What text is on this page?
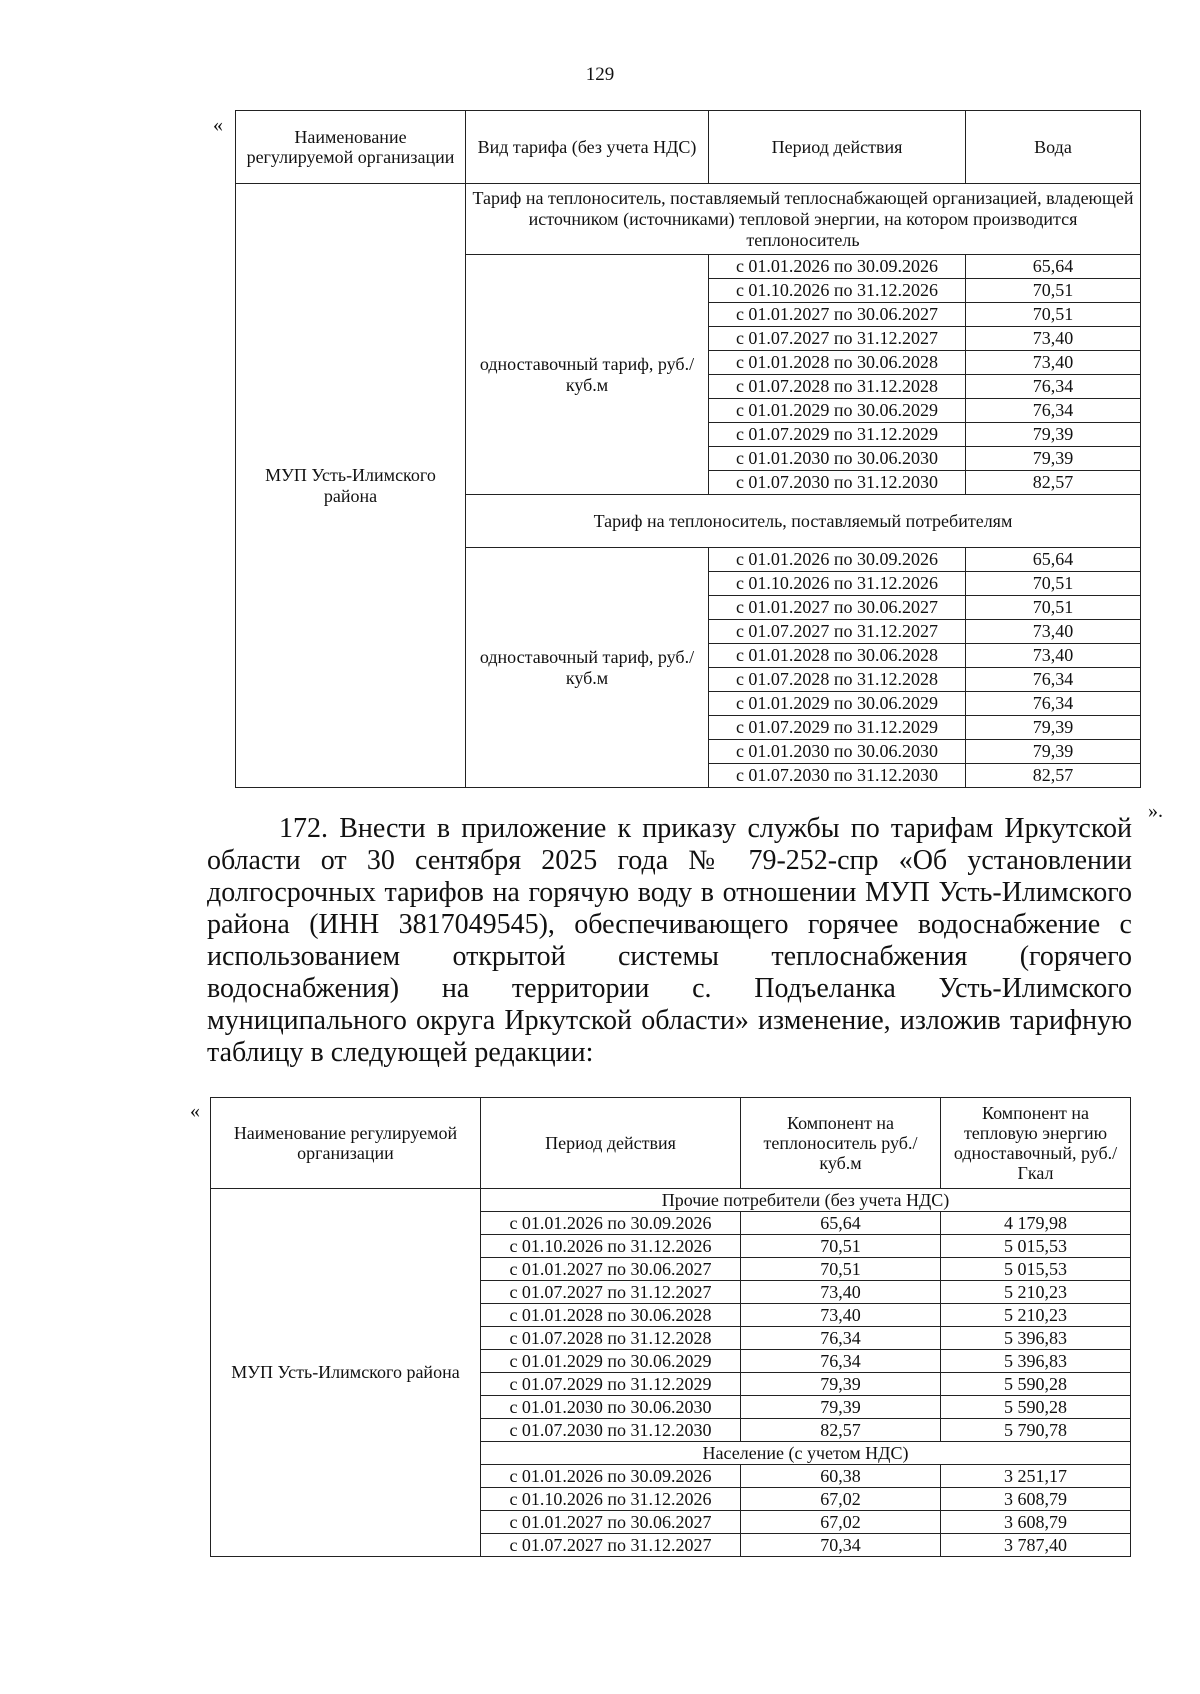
129
«
Наименование регулируемой организации	Вид тарифа (без учета НДС)	Период действия	Вода
МУП Усть-Илимского района	Тариф на теплоноситель, поставляемый теплоснабжающей организацией, владеющей источником (источниками) тепловой энергии, на котором производится теплоноситель		
	одноставочный тариф, руб./куб.м	с 01.01.2026 по 30.09.2026	65,64
		с 01.10.2026 по 31.12.2026	70,51
		с 01.01.2027 по 30.06.2027	70,51
		с 01.07.2027 по 31.12.2027	73,40
		с 01.01.2028 по 30.06.2028	73,40
		с 01.07.2028 по 31.12.2028	76,34
		с 01.01.2029 по 30.06.2029	76,34
		с 01.07.2029 по 31.12.2029	79,39
		с 01.01.2030 по 30.06.2030	79,39
		с 01.07.2030 по 31.12.2030	82,57
	Тариф на теплоноситель, поставляемый потребителям		
	одноставочный тариф, руб./куб.м	с 01.01.2026 по 30.09.2026	65,64
		с 01.10.2026 по 31.12.2026	70,51
		с 01.01.2027 по 30.06.2027	70,51
		с 01.07.2027 по 31.12.2027	73,40
		с 01.01.2028 по 30.06.2028	73,40
		с 01.07.2028 по 31.12.2028	76,34
		с 01.01.2029 по 30.06.2029	76,34
		с 01.07.2029 по 31.12.2029	79,39
		с 01.01.2030 по 30.06.2030	79,39
		с 01.07.2030 по 31.12.2030	82,57
».
172. Внести в приложение к приказу службы по тарифам Иркутской
области от 30 сентября 2025 года № 79-252-спр «Об установлении
долгосрочных тарифов на горячую воду в отношении МУП Усть-Илимского
района (ИНН 3817049545), обеспечивающего горячее водоснабжение с
использованием открытой системы теплоснабжения (горячего
водоснабжения) на территории с. Подъеланка Усть-Илимского
муниципального округа Иркутской области» изменение, изложив тарифную
таблицу в следующей редакции:
«
Наименование регулируемой организации	Период действия	Компонент на теплоноситель руб./куб.м	Компонент на тепловую энергию одноставочный, руб./Гкал
МУП Усть-Илимского района	Прочие потребители (без учета НДС)		
	с 01.01.2026 по 30.09.2026	65,64	4 179,98
	с 01.10.2026 по 31.12.2026	70,51	5 015,53
	с 01.01.2027 по 30.06.2027	70,51	5 015,53
	с 01.07.2027 по 31.12.2027	73,40	5 210,23
	с 01.01.2028 по 30.06.2028	73,40	5 210,23
	с 01.07.2028 по 31.12.2028	76,34	5 396,83
	с 01.01.2029 по 30.06.2029	76,34	5 396,83
	с 01.07.2029 по 31.12.2029	79,39	5 590,28
	с 01.01.2030 по 30.06.2030	79,39	5 590,28
	с 01.07.2030 по 31.12.2030	82,57	5 790,78
	Население (с учетом НДС)		
	с 01.01.2026 по 30.09.2026	60,38	3 251,17
	с 01.10.2026 по 31.12.2026	67,02	3 608,79
	с 01.01.2027 по 30.06.2027	67,02	3 608,79
	с 01.07.2027 по 31.12.2027	70,34	3 787,40
